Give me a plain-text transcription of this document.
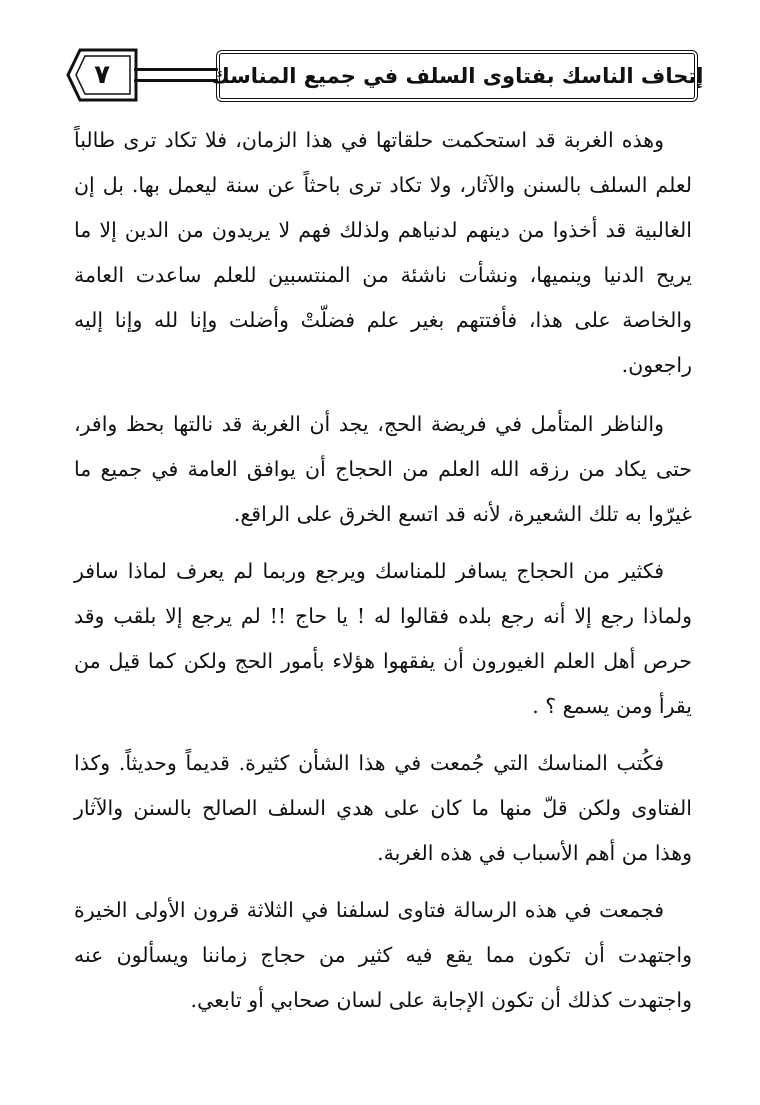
٧	إتحاف الناسك بفتاوى السلف في جميع المناسك

وهذه الغربة قد استحكمت حلقاتها في هذا الزمان، فلا تكاد ترى طالباً لعلم السلف بالسنن والآثار، ولا تكاد ترى باحثاً عن سنة ليعمل بها. بل إن الغالبية قد أخذوا من دينهم لدنياهم ولذلك فهم لا يريدون من الدين إلا ما يريح الدنيا وينميها، ونشأت ناشئة من المنتسبين للعلم ساعدت العامة والخاصة على هذا، فأفتتهم بغير علم فضلّتْ وأضلت وإنا لله وإنا إليه راجعون.

والناظر المتأمل في فريضة الحج، يجد أن الغربة قد نالتها بحظ وافر، حتى يكاد من رزقه الله العلم من الحجاج أن يوافق العامة في جميع ما غيرّوا به تلك الشعيرة، لأنه قد اتسع الخرق على الراقع.

فكثير من الحجاج يسافر للمناسك ويرجع وربما لم يعرف لماذا سافر ولماذا رجع إلا أنه رجع بلده فقالوا له ! يا حاج !! لم يرجع إلا بلقب وقد حرص أهل العلم الغيورون أن يفقهوا هؤلاء بأمور الحج ولكن كما قيل من يقرأ ومن يسمع ؟ .

فكُتب المناسك التي جُمعت في هذا الشأن كثيرة. قديماً وحديثاً. وكذا الفتاوى ولكن قلّ منها ما كان على هدي السلف الصالح بالسنن والآثار وهذا من أهم الأسباب في هذه الغربة.

فجمعت في هذه الرسالة فتاوى لسلفنا في الثلاثة قرون الأولى الخيرة واجتهدت أن تكون مما يقع فيه كثير من حجاج زماننا ويسألون عنه واجتهدت كذلك أن تكون الإجابة على لسان صحابي أو تابعي.
